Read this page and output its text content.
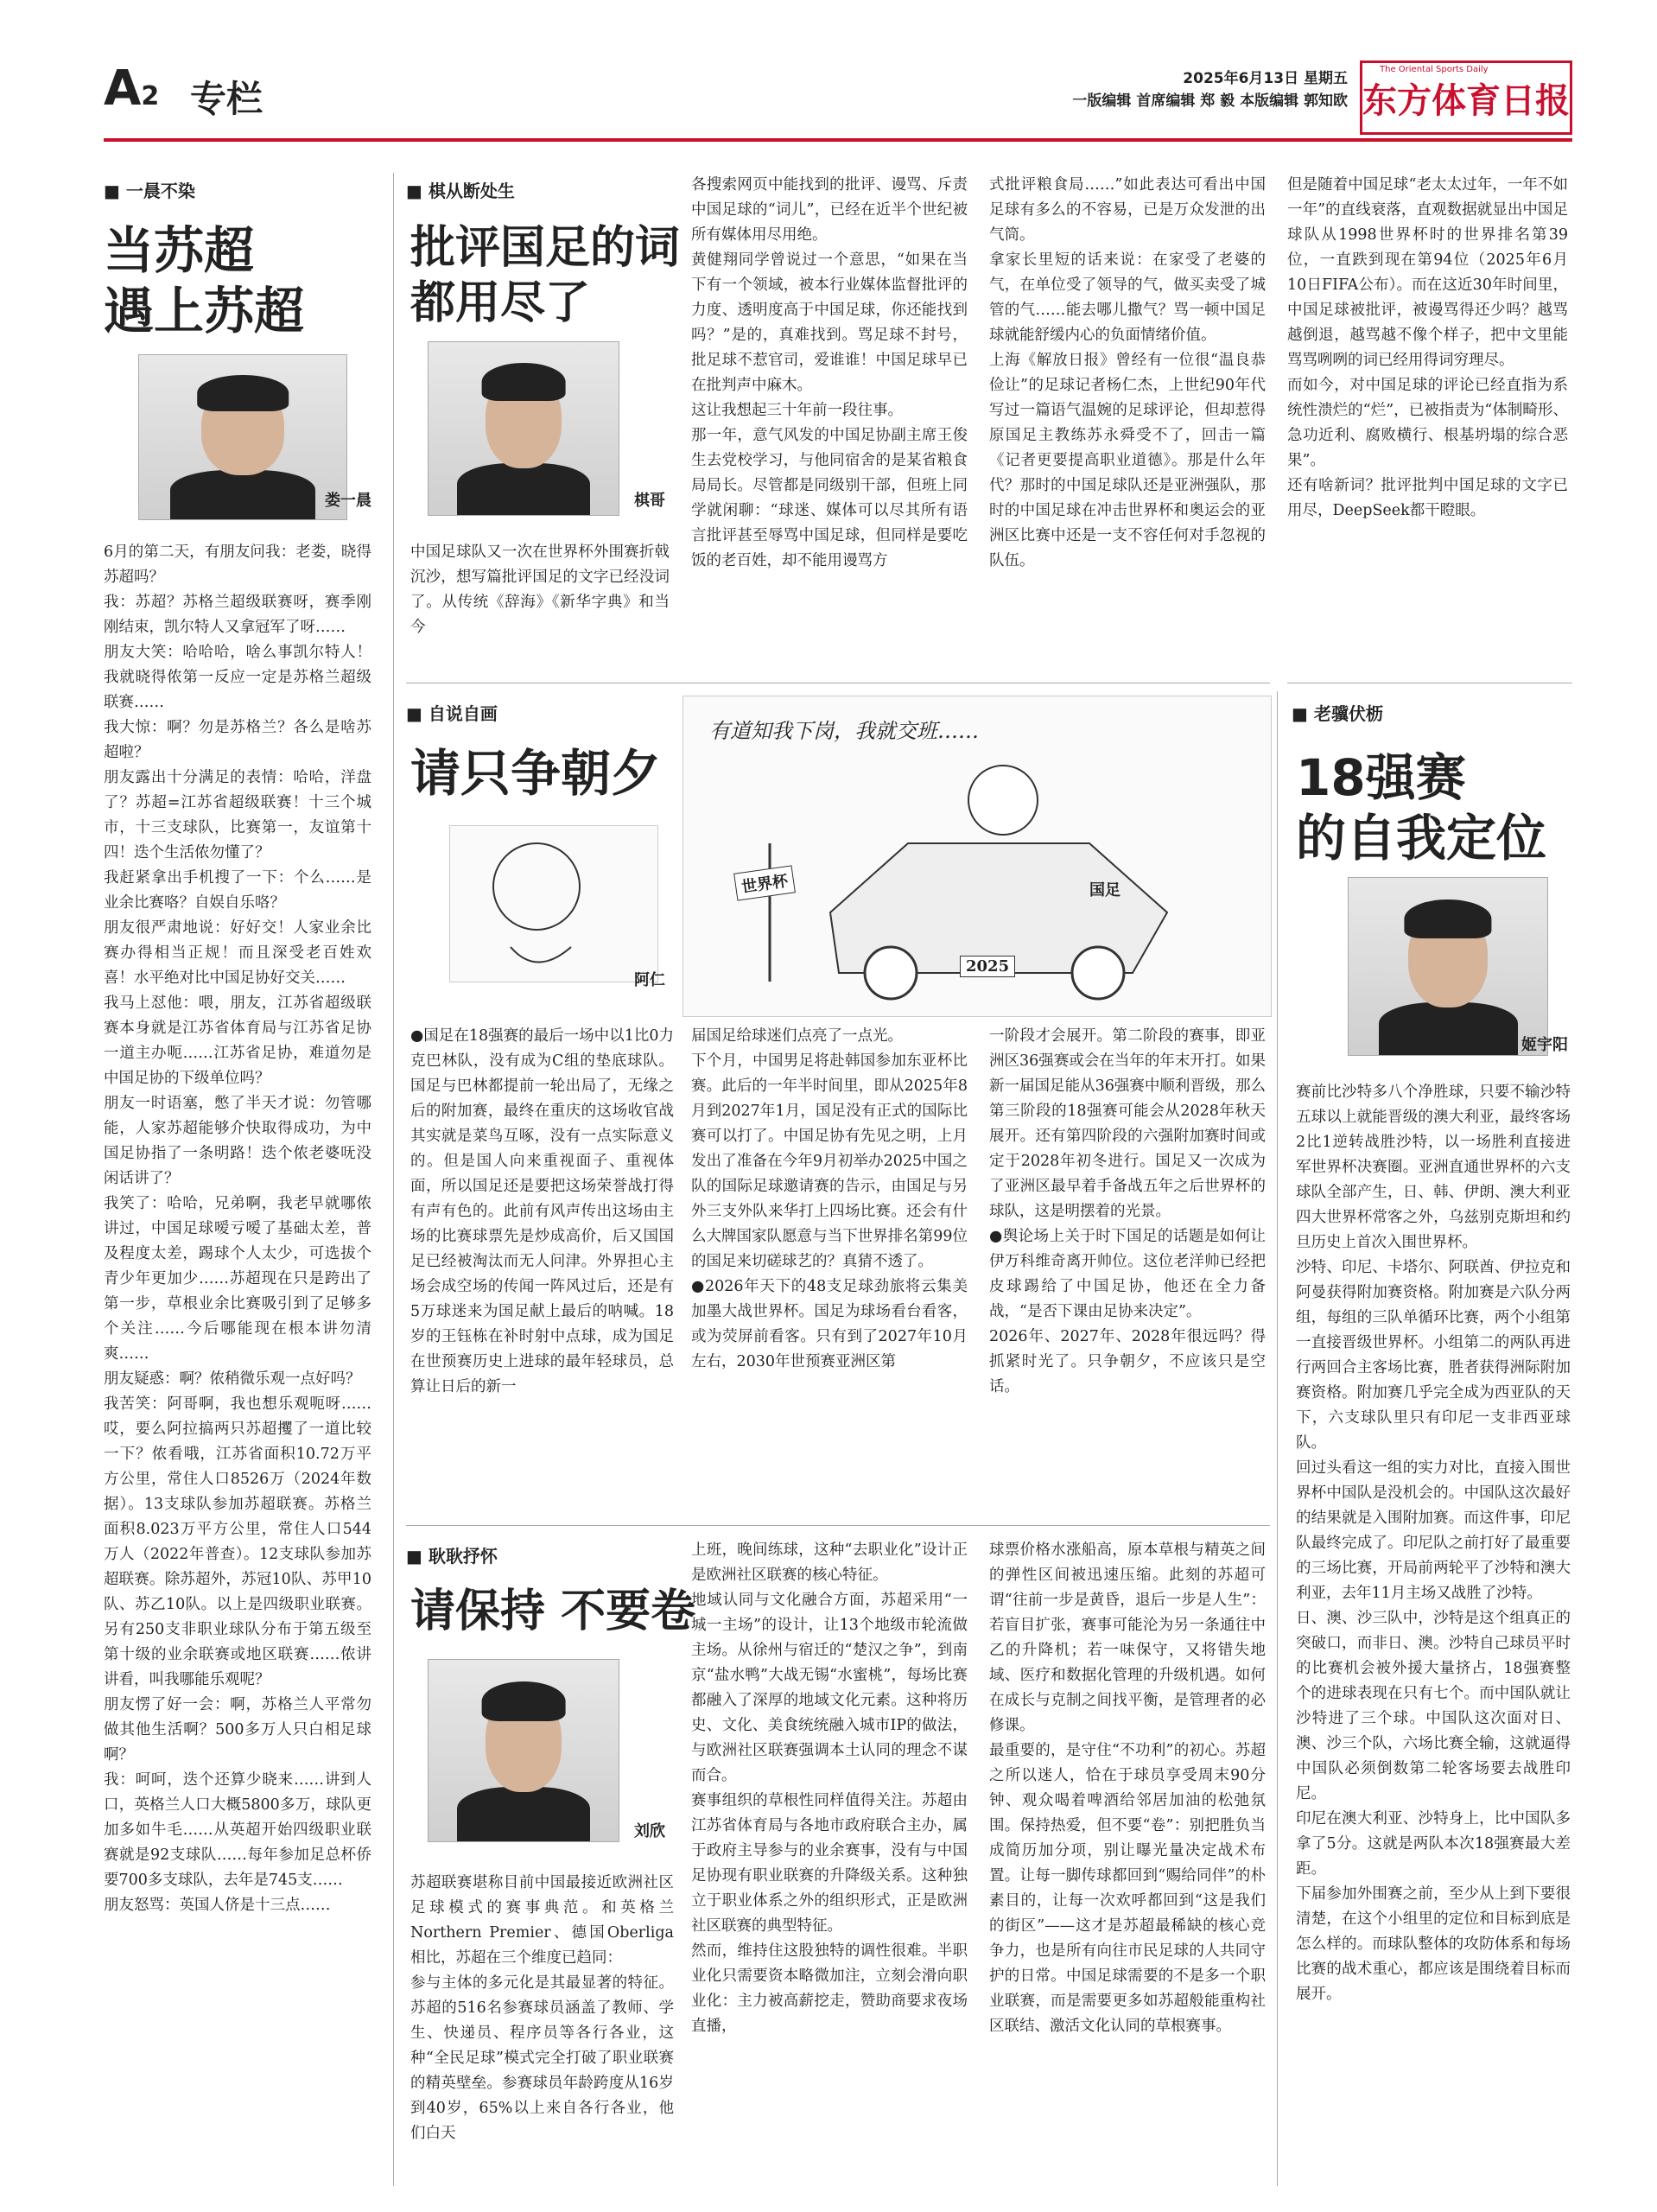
A2 专栏	2025年6月13日 星期五
一版编辑 首席编辑 郑 毅 本版编辑 郭知欧
The Oriental Sports Daily
东方体育日报
■ 一晨不染
当苏超
遇上苏超
娄一晨
6月的第二天，有朋友问我：老娄，晓得苏超吗？
我：苏超？苏格兰超级联赛呀，赛季刚刚结束，凯尔特人又拿冠军了呀……
朋友大笑：哈哈哈，啥么事凯尔特人！我就晓得侬第一反应一定是苏格兰超级联赛……
我大惊：啊？勿是苏格兰？各么是啥苏超啦？
朋友露出十分满足的表情：哈哈，洋盘了？苏超=江苏省超级联赛！十三个城市，十三支球队，比赛第一，友谊第十四！迭个生活侬勿懂了？
我赶紧拿出手机搜了一下：个么……是业余比赛咯？自娱自乐咯？
朋友很严肃地说：好好交！人家业余比赛办得相当正规！而且深受老百姓欢喜！水平绝对比中国足协好交关……
我马上怼他：喂，朋友，江苏省超级联赛本身就是江苏省体育局与江苏省足协一道主办呃……江苏省足协，难道勿是中国足协的下级单位吗？
朋友一时语塞，憋了半天才说：勿管哪能，人家苏超能够介快取得成功，为中国足协指了一条明路！迭个侬老婆呒没闲话讲了？
我笑了：哈哈，兄弟啊，我老早就哪侬讲过，中国足球嗳亏嗳了基础太差，普及程度太差，踢球个人太少，可选拔个青少年更加少……苏超现在只是跨出了第一步，草根业余比赛吸引到了足够多个关注……今后哪能现在根本讲勿清爽……
朋友疑惑：啊？侬稍微乐观一点好吗？
我苦笑：阿哥啊，我也想乐观呃呀……哎，要么阿拉搞两只苏超攫了一道比较一下？侬看哦，江苏省面积10.72万平方公里，常住人口8526万（2024年数据）。13支球队参加苏超联赛。苏格兰面积8.023万平方公里，常住人口544万人（2022年普查）。12支球队参加苏超联赛。除苏超外，苏冠10队、苏甲10队、苏乙10队。以上是四级职业联赛。另有250支非职业球队分布于第五级至第十级的业余联赛或地区联赛……侬讲讲看，叫我哪能乐观呢？
朋友愣了好一会：啊，苏格兰人平常勿做其他生活啊？500多万人只白相足球啊？
我：呵呵，迭个还算少晓来……讲到人口，英格兰人口大概5800多万，球队更加多如牛毛……从英超开始四级职业联赛就是92支球队……每年参加足总杯侨要700多支球队，去年是745支……
朋友怒骂：英国人侪是十三点……
■ 棋从断处生
批评国足的词
都用尽了
棋哥
中国足球队又一次在世界杯外围赛折戟沉沙，想写篇批评国足的文字已经没词了。从传统《辞海》《新华字典》和当今
各搜索网页中能找到的批评、谩骂、斥责中国足球的“词儿”，已经在近半个世纪被所有媒体用尽用绝。
黄健翔同学曾说过一个意思，“如果在当下有一个领域，被本行业媒体监督批评的力度、透明度高于中国足球，你还能找到吗？”是的，真难找到。骂足球不封号，批足球不惹官司，爱谁谁！中国足球早已在批判声中麻木。
这让我想起三十年前一段往事。
那一年，意气风发的中国足协副主席王俊生去党校学习，与他同宿舍的是某省粮食局局长。尽管都是同级别干部，但班上同学就闲聊：“球迷、媒体可以尽其所有语言批评甚至辱骂中国足球，但同样是要吃饭的老百姓，却不能用谩骂方
式批评粮食局……”如此表达可看出中国足球有多么的不容易，已是万众发泄的出气筒。
拿家长里短的话来说：在家受了老婆的气，在单位受了领导的气，做买卖受了城管的气……能去哪儿撒气？骂一顿中国足球就能舒缓内心的负面情绪价值。
上海《解放日报》曾经有一位很“温良恭俭让”的足球记者杨仁杰，上世纪90年代写过一篇语气温婉的足球评论，但却惹得原国足主教练苏永舜受不了，回击一篇《记者更要提高职业道德》。那是什么年代？那时的中国足球队还是亚洲强队，那时的中国足球在冲击世界杯和奥运会的亚洲区比赛中还是一支不容任何对手忽视的队伍。
但是随着中国足球“老太太过年，一年不如一年”的直线衰落，直观数据就显出中国足球队从1998世界杯时的世界排名第39位，一直跌到现在第94位（2025年6月10日FIFA公布）。而在这近30年时间里，中国足球被批评，被谩骂得还少吗？越骂越倒退，越骂越不像个样子，把中文里能骂骂咧咧的词已经用得词穷理尽。
而如今，对中国足球的评论已经直指为系统性溃烂的“烂”，已被指责为“体制畸形、急功近利、腐败横行、根基坍塌的综合恶果”。
还有啥新词？批评批判中国足球的文字已用尽，DeepSeek都干瞪眼。
■ 自说自画
请只争朝夕
阿仁
有道知我下岗，我就交班……
世界杯
2025
国足
●国足在18强赛的最后一场中以1比0力克巴林队，没有成为C组的垫底球队。国足与巴林都提前一轮出局了，无缘之后的附加赛，最终在重庆的这场收官战其实就是菜鸟互啄，没有一点实际意义的。但是国人向来重视面子、重视体面，所以国足还是要把这场荣誉战打得有声有色的。此前有风声传出这场由主场的比赛球票先是炒成高价，后又国国足已经被淘汰而无人问津。外界担心主场会成空场的传闻一阵风过后，还是有5万球迷来为国足献上最后的呐喊。18岁的王钰栋在补时射中点球，成为国足在世预赛历史上进球的最年轻球员，总算让日后的新一
届国足给球迷们点亮了一点光。
下个月，中国男足将赴韩国参加东亚杯比赛。此后的一年半时间里，即从2025年8月到2027年1月，国足没有正式的国际比赛可以打了。中国足协有先见之明，上月发出了准备在今年9月初举办2025中国之队的国际足球邀请赛的告示，由国足与另外三支外队来华打上四场比赛。还会有什么大牌国家队愿意与当下世界排名第99位的国足来切磋球艺的？真猜不透了。
●2026年天下的48支足球劲旅将云集美加墨大战世界杯。国足为球场看台看客，或为荧屏前看客。只有到了2027年10月左右，2030年世预赛亚洲区第
一阶段才会展开。第二阶段的赛事，即亚洲区36强赛或会在当年的年末开打。如果新一届国足能从36强赛中顺利晋级，那么第三阶段的18强赛可能会从2028年秋天展开。还有第四阶段的六强附加赛时间或定于2028年初冬进行。国足又一次成为了亚洲区最早着手备战五年之后世界杯的球队，这是明摆着的光景。
●舆论场上关于时下国足的话题是如何让伊万科维奇离开帅位。这位老洋帅已经把皮球踢给了中国足协，他还在全力备战，“是否下课由足协来决定”。
2026年、2027年、2028年很远吗？得抓紧时光了。只争朝夕，不应该只是空话。
■ 耿耿抒怀
请保持 不要卷
刘欣
苏超联赛堪称目前中国最接近欧洲社区足球模式的赛事典范。和英格兰Northern Premier、德国Oberliga相比，苏超在三个维度已趋同：
参与主体的多元化是其最显著的特征。苏超的516名参赛球员涵盖了教师、学生、快递员、程序员等各行各业，这种“全民足球”模式完全打破了职业联赛的精英壁垒。参赛球员年龄跨度从16岁到40岁，65%以上来自各行各业，他们白天
上班，晚间练球，这种“去职业化”设计正是欧洲社区联赛的核心特征。
地域认同与文化融合方面，苏超采用“一城一主场”的设计，让13个地级市轮流做主场。从徐州与宿迁的“楚汉之争”，到南京“盐水鸭”大战无锡“水蜜桃”，每场比赛都融入了深厚的地域文化元素。这种将历史、文化、美食统统融入城市IP的做法，与欧洲社区联赛强调本土认同的理念不谋而合。
赛事组织的草根性同样值得关注。苏超由江苏省体育局与各地市政府联合主办，属于政府主导参与的业余赛事，没有与中国足协现有职业联赛的升降级关系。这种独立于职业体系之外的组织形式，正是欧洲社区联赛的典型特征。
然而，维持住这股独特的调性很难。半职业化只需要资本略微加注，立刻会滑向职业化：主力被高薪挖走，赞助商要求夜场直播，
球票价格水涨船高，原本草根与精英之间的弹性区间被迅速压缩。此刻的苏超可谓“往前一步是黄昏，退后一步是人生”：若盲目扩张，赛事可能沦为另一条通往中乙的升降机；若一味保守，又将错失地域、医疗和数据化管理的升级机遇。如何在成长与克制之间找平衡，是管理者的必修课。
最重要的，是守住“不功利”的初心。苏超之所以迷人，恰在于球员享受周末90分钟、观众喝着啤酒给邻居加油的松弛氛围。保持热爱，但不要“卷”：别把胜负当成简历加分项，别让曝光量决定战术布置。让每一脚传球都回到“赐给同伴”的朴素目的，让每一次欢呼都回到“这是我们的街区”——这才是苏超最稀缺的核心竞争力，也是所有向往市民足球的人共同守护的日常。中国足球需要的不是多一个职业联赛，而是需要更多如苏超般能重构社区联结、激活文化认同的草根赛事。
■ 老骥伏枥
18强赛
的自我定位
姬宇阳
赛前比沙特多八个净胜球，只要不输沙特五球以上就能晋级的澳大利亚，最终客场2比1逆转战胜沙特，以一场胜利直接进军世界杯决赛圈。亚洲直通世界杯的六支球队全部产生，日、韩、伊朗、澳大利亚四大世界杯常客之外，乌兹别克斯坦和约旦历史上首次入围世界杯。
沙特、印尼、卡塔尔、阿联酋、伊拉克和阿曼获得附加赛资格。附加赛是六队分两组，每组的三队单循环比赛，两个小组第一直接晋级世界杯。小组第二的两队再进行两回合主客场比赛，胜者获得洲际附加赛资格。附加赛几乎完全成为西亚队的天下，六支球队里只有印尼一支非西亚球队。
回过头看这一组的实力对比，直接入围世界杯中国队是没机会的。中国队这次最好的结果就是入围附加赛。而这件事，印尼队最终完成了。印尼队之前打好了最重要的三场比赛，开局前两轮平了沙特和澳大利亚，去年11月主场又战胜了沙特。
日、澳、沙三队中，沙特是这个组真正的突破口，而非日、澳。沙特自己球员平时的比赛机会被外援大量挤占，18强赛整个的进球表现在只有七个。而中国队就让沙特进了三个球。中国队这次面对日、澳、沙三个队，六场比赛全输，这就逼得中国队必须倒数第二轮客场要去战胜印尼。
印尼在澳大利亚、沙特身上，比中国队多拿了5分。这就是两队本次18强赛最大差距。
下届参加外围赛之前，至少从上到下要很清楚，在这个小组里的定位和目标到底是怎么样的。而球队整体的攻防体系和每场比赛的战术重心，都应该是围绕着目标而展开。
